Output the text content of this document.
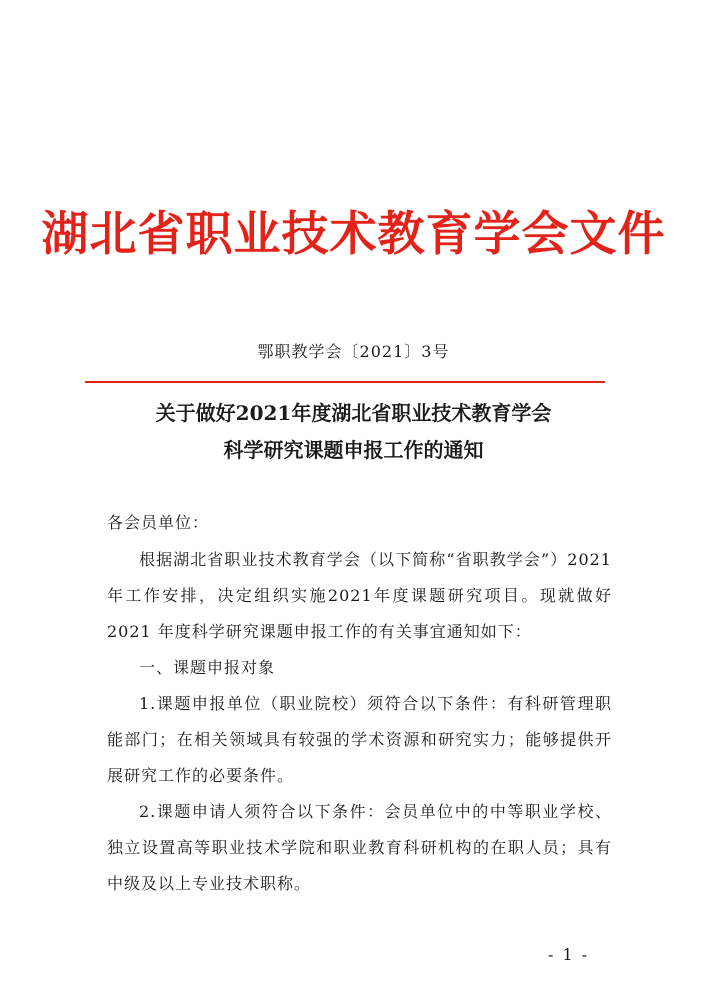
湖北省职业技术教育学会文件
鄂职教学会〔2021〕3号
关于做好2021年度湖北省职业技术教育学会
科学研究课题申报工作的通知

各会员单位：

根据湖北省职业技术教育学会（以下简称“省职教学会”）2021年工作安排，决定组织实施2021年度课题研究项目。现就做好 2021 年度科学研究课题申报工作的有关事宜通知如下：

一、课题申报对象

1.课题申报单位（职业院校）须符合以下条件：有科研管理职能部门；在相关领域具有较强的学术资源和研究实力；能够提供开展研究工作的必要条件。

2.课题申请人须符合以下条件：会员单位中的中等职业学校、独立设置高等职业技术学院和职业教育科研机构的在职人员；具有中级及以上专业技术职称。

- 1 -
